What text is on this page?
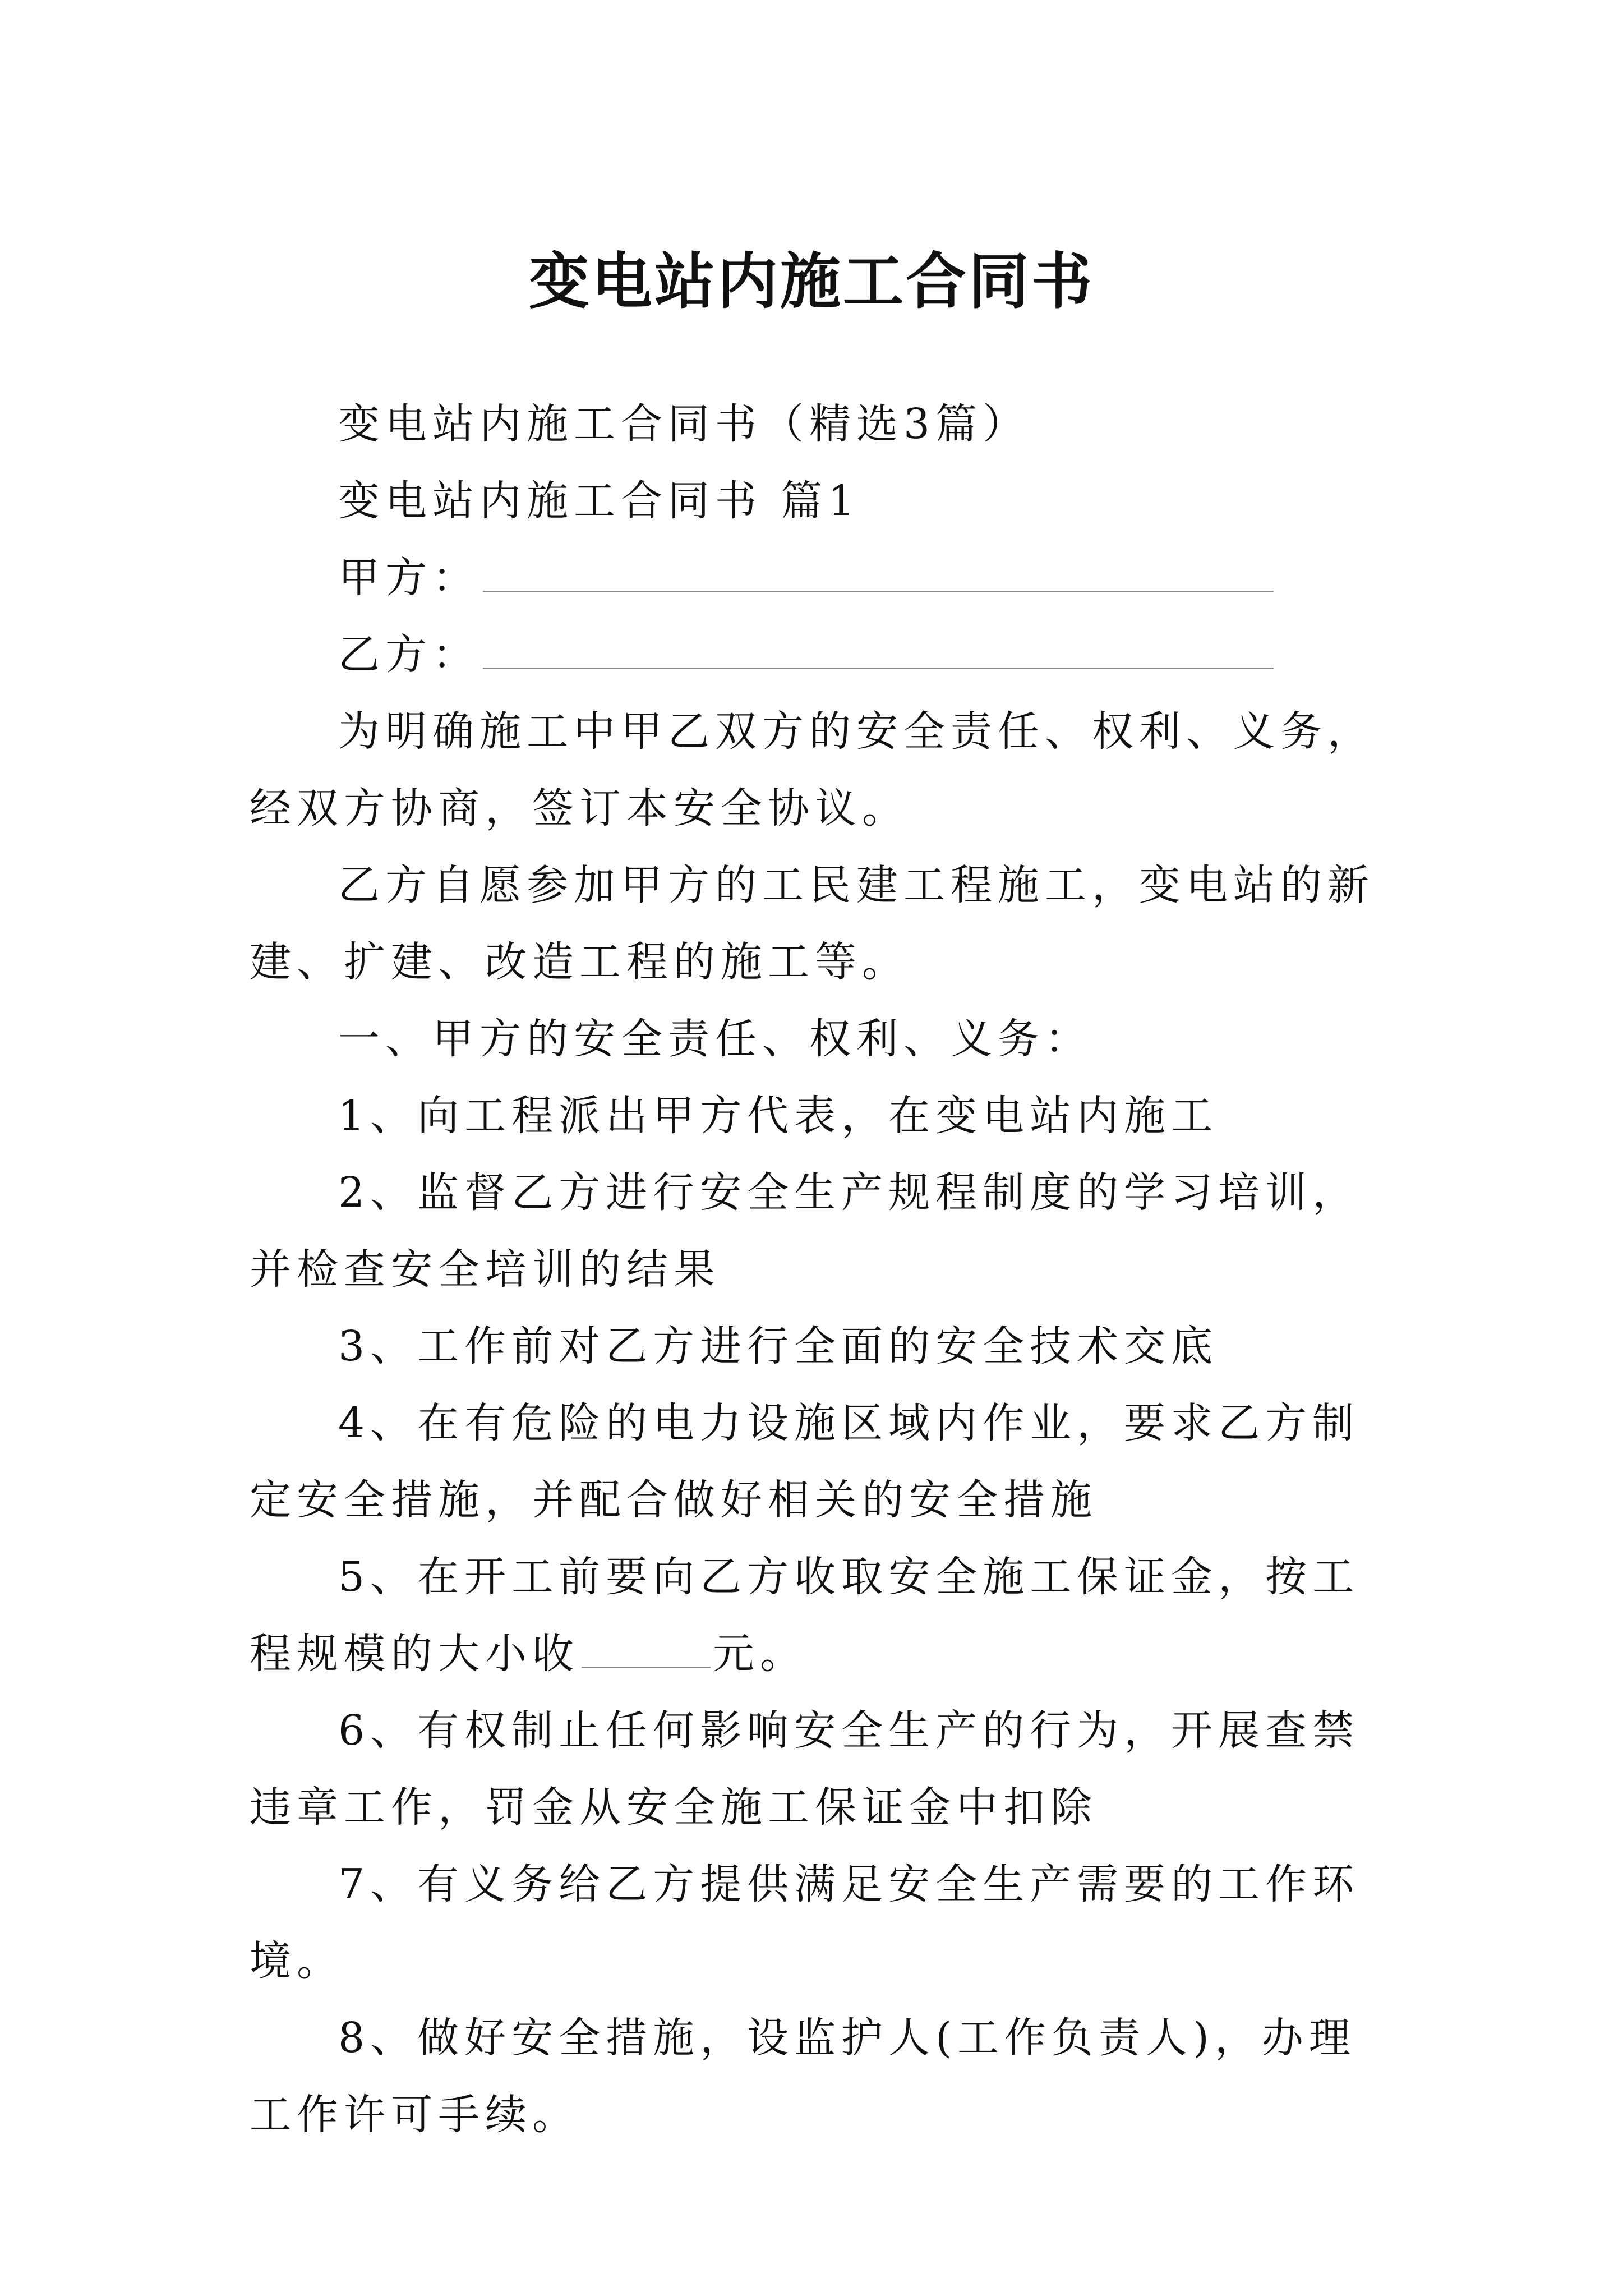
变电站内施工合同书

变电站内施工合同书（精选3篇）

变电站内施工合同书 篇1

甲方：

乙方：

为明确施工中甲乙双方的安全责任、权利、义务，经双方协商，签订本安全协议。

乙方自愿参加甲方的工民建工程施工，变电站的新建、扩建、改造工程的施工等。

一、甲方的安全责任、权利、义务：

1、向工程派出甲方代表，在变电站内施工

2、监督乙方进行安全生产规程制度的学习培训，并检查安全培训的结果

3、工作前对乙方进行全面的安全技术交底

4、在有危险的电力设施区域内作业，要求乙方制定安全措施，并配合做好相关的安全措施

5、在开工前要向乙方收取安全施工保证金，按工程规模的大小收	元。

6、有权制止任何影响安全生产的行为，开展查禁违章工作，罚金从安全施工保证金中扣除

7、有义务给乙方提供满足安全生产需要的工作环境。

8、做好安全措施，设监护人(工作负责人)，办理工作许可手续。
